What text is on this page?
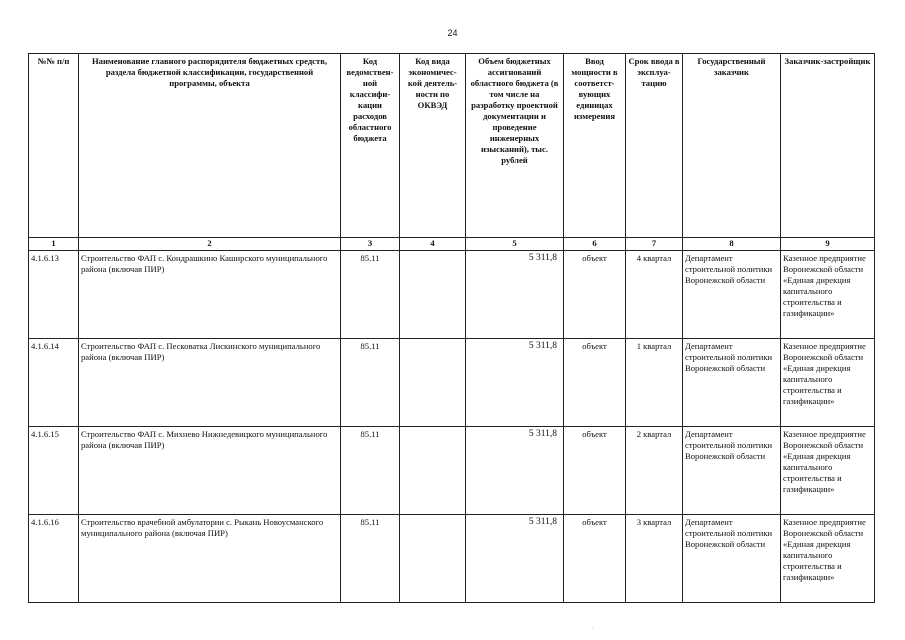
24
№№ п/п	Наименование главного распорядителя бюджетных средств, раздела бюджетной классификации, государственной программы, объекта	Код ведомствен-ной классифи-кации расходов областного бюджета	Код вида экономичес-кой деятель-ности по ОКВЭД	Объем бюджетных ассигнований областного бюджета (в том числе на разработку проектной документации и проведение инженерных изысканий), тыс. рублей	Ввод мощности в соответст-вующих единицах измерения	Срок ввода в эксплуа-тацию	Государственный заказчик	Заказчик-застройщик
1	2	3	4	5	6	7	8	9
4.1.6.13	Строительство ФАП с. Кондрашкино Каширского муниципального района (включая ПИР)	85.11		5 311,8	объект	4 квартал	Департамент строительной политики Воронежской области	Казенное предприятие Воронежской области «Единая дирекция капитального строительства и газификации»
4.1.6.14	Строительство ФАП с. Песковатка Лискинского муниципального района (включая ПИР)	85.11		5 311,8	объект	1 квартал	Департамент строительной политики Воронежской области	Казенное предприятие Воронежской области «Единая дирекция капитального строительства и газификации»
4.1.6.15	Строительство ФАП с. Михнево Нижнедевицкого муниципального района (включая ПИР)	85.11		5 311,8	объект	2 квартал	Департамент строительной политики Воронежской области	Казенное предприятие Воронежской области «Единая дирекция капитального строительства и газификации»
4.1.6.16	Строительство врачебной амбулатории с. Рыкань Новоусманского муниципального района (включая ПИР)	85.11		5 311,8	объект	3 квартал	Департамент строительной политики Воронежской области	Казенное предприятие Воронежской области «Единая дирекция капитального строительства и газификации»
·
